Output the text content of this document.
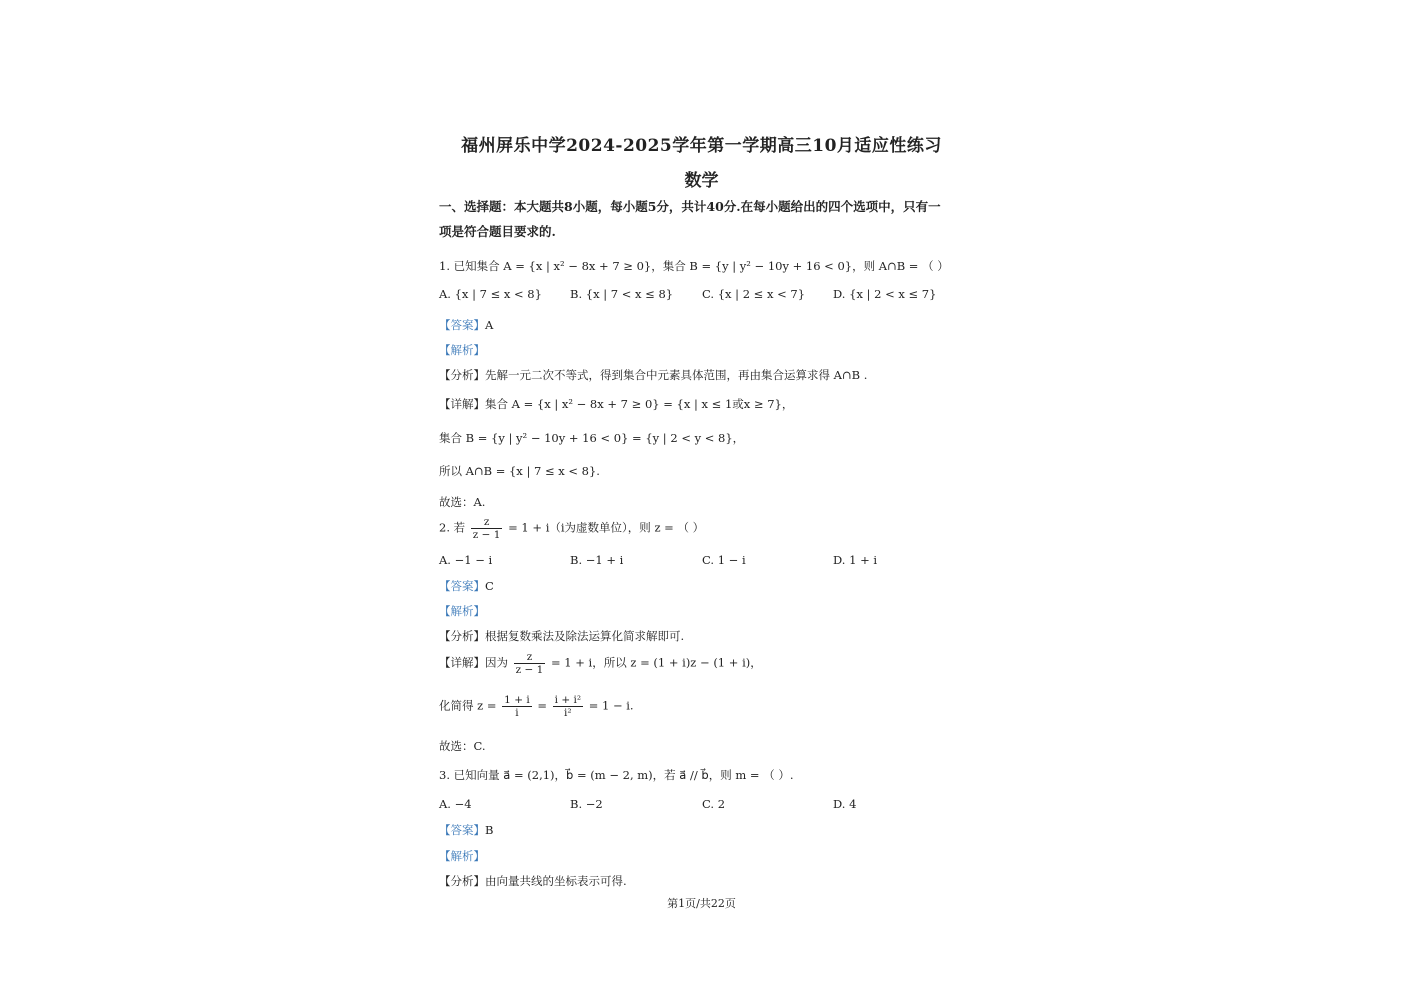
福州屏乐中学2024-2025学年第一学期高三10月适应性练习
数学
一、选择题：本大题共8小题，每小题5分，共计40分.在每小题给出的四个选项中，只有一
项是符合题目要求的.
1. 已知集合 A = {x | x² − 8x + 7 ≥ 0}，集合 B = {y | y² − 10y + 16 < 0}，则 A∩B = （ ）
A. {x | 7 ≤ x < 8} B. {x | 7 < x ≤ 8}	C. {x | 2 ≤ x < 7} D. {x | 2 < x ≤ 7}
【答案】A
【解析】
【分析】先解一元二次不等式，得到集合中元素具体范围，再由集合运算求得 A∩B .
【详解】集合 A = {x | x² − 8x + 7 ≥ 0} = {x | x ≤ 1或x ≥ 7}，
集合 B = {y | y² − 10y + 16 < 0} = {y | 2 < y < 8}，
所以 A∩B = {x | 7 ≤ x < 8}.
故选：A.
2. 若 $\frac{z}{z - 1} = 1 + i(i$为虚数单位），则 z = （ ）
A. −1 − i	B. −1 + i	C. 1 − i	D. 1 + i
【答案】C
【解析】
【分析】根据复数乘法及除法运算化简求解即可.
【详解】因为 $\frac{z}{z - 1} = 1 + i$，所以 z = (1 + i)z − (1 + i)，
化简得 $z = \frac{1 + i}{i} = \frac{\text{i + i²}}{\text{i²}} = 1 - i$.
故选：C.
3. 已知向量 a⃗ = (2,1)，b⃗ = (m − 2, m)，若 a⃗ // b⃗，则 m = （ ）.
A. −4	B. −2	C. 2	D. 4
【答案】B
【解析】
【分析】由向量共线的坐标表示可得.
第1页/共22页
